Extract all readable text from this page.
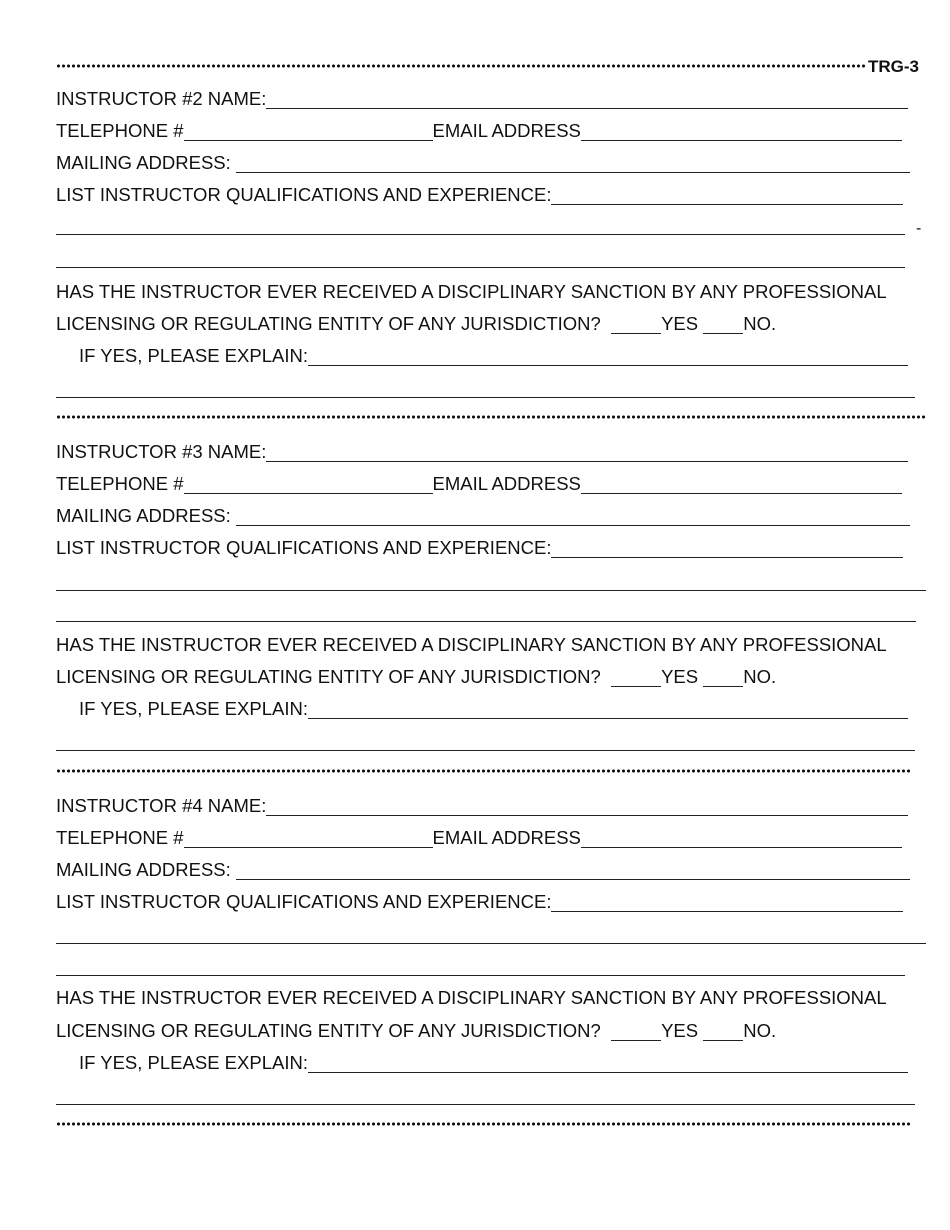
TRG-3
INSTRUCTOR #2 NAME:
TELEPHONE #	EMAIL ADDRESS
MAILING ADDRESS:
LIST INSTRUCTOR QUALIFICATIONS AND EXPERIENCE:
-
HAS THE INSTRUCTOR EVER RECEIVED A DISCIPLINARY SANCTION BY ANY PROFESSIONAL
LICENSING OR REGULATING ENTITY OF ANY JURISDICTION?	YES NO.
IF YES, PLEASE EXPLAIN:
INSTRUCTOR #3 NAME:
TELEPHONE #	EMAIL ADDRESS
MAILING ADDRESS:
LIST INSTRUCTOR QUALIFICATIONS AND EXPERIENCE:
HAS THE INSTRUCTOR EVER RECEIVED A DISCIPLINARY SANCTION BY ANY PROFESSIONAL
LICENSING OR REGULATING ENTITY OF ANY JURISDICTION?	YES NO.
IF YES, PLEASE EXPLAIN:
INSTRUCTOR #4 NAME:
TELEPHONE #	EMAIL ADDRESS
MAILING ADDRESS:
LIST INSTRUCTOR QUALIFICATIONS AND EXPERIENCE:
HAS THE INSTRUCTOR EVER RECEIVED A DISCIPLINARY SANCTION BY ANY PROFESSIONAL
LICENSING OR REGULATING ENTITY OF ANY JURISDICTION?	YES NO.
IF YES, PLEASE EXPLAIN:
